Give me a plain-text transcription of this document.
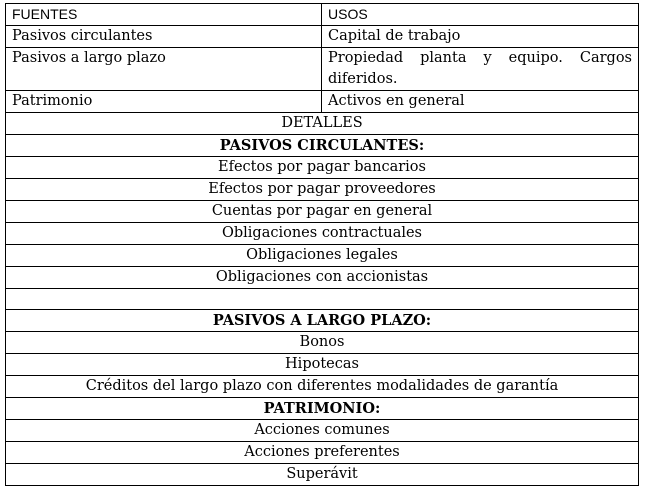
FUENTES	USOS
Pasivos circulantes	Capital de trabajo
Pasivos a largo plazo	Propiedad planta y equipo. Cargos diferidos.
Patrimonio	Activos en general
DETALLES	
PASIVOS CIRCULANTES:	
Efectos por pagar bancarios	
Efectos por pagar proveedores	
Cuentas por pagar en general	
Obligaciones contractuales	
Obligaciones legales	
Obligaciones con accionistas	

PASIVOS A LARGO PLAZO:	
Bonos	
Hipotecas	
Créditos del largo plazo con diferentes modalidades de garantía	
PATRIMONIO:	
Acciones comunes	
Acciones preferentes	
Superávit	
